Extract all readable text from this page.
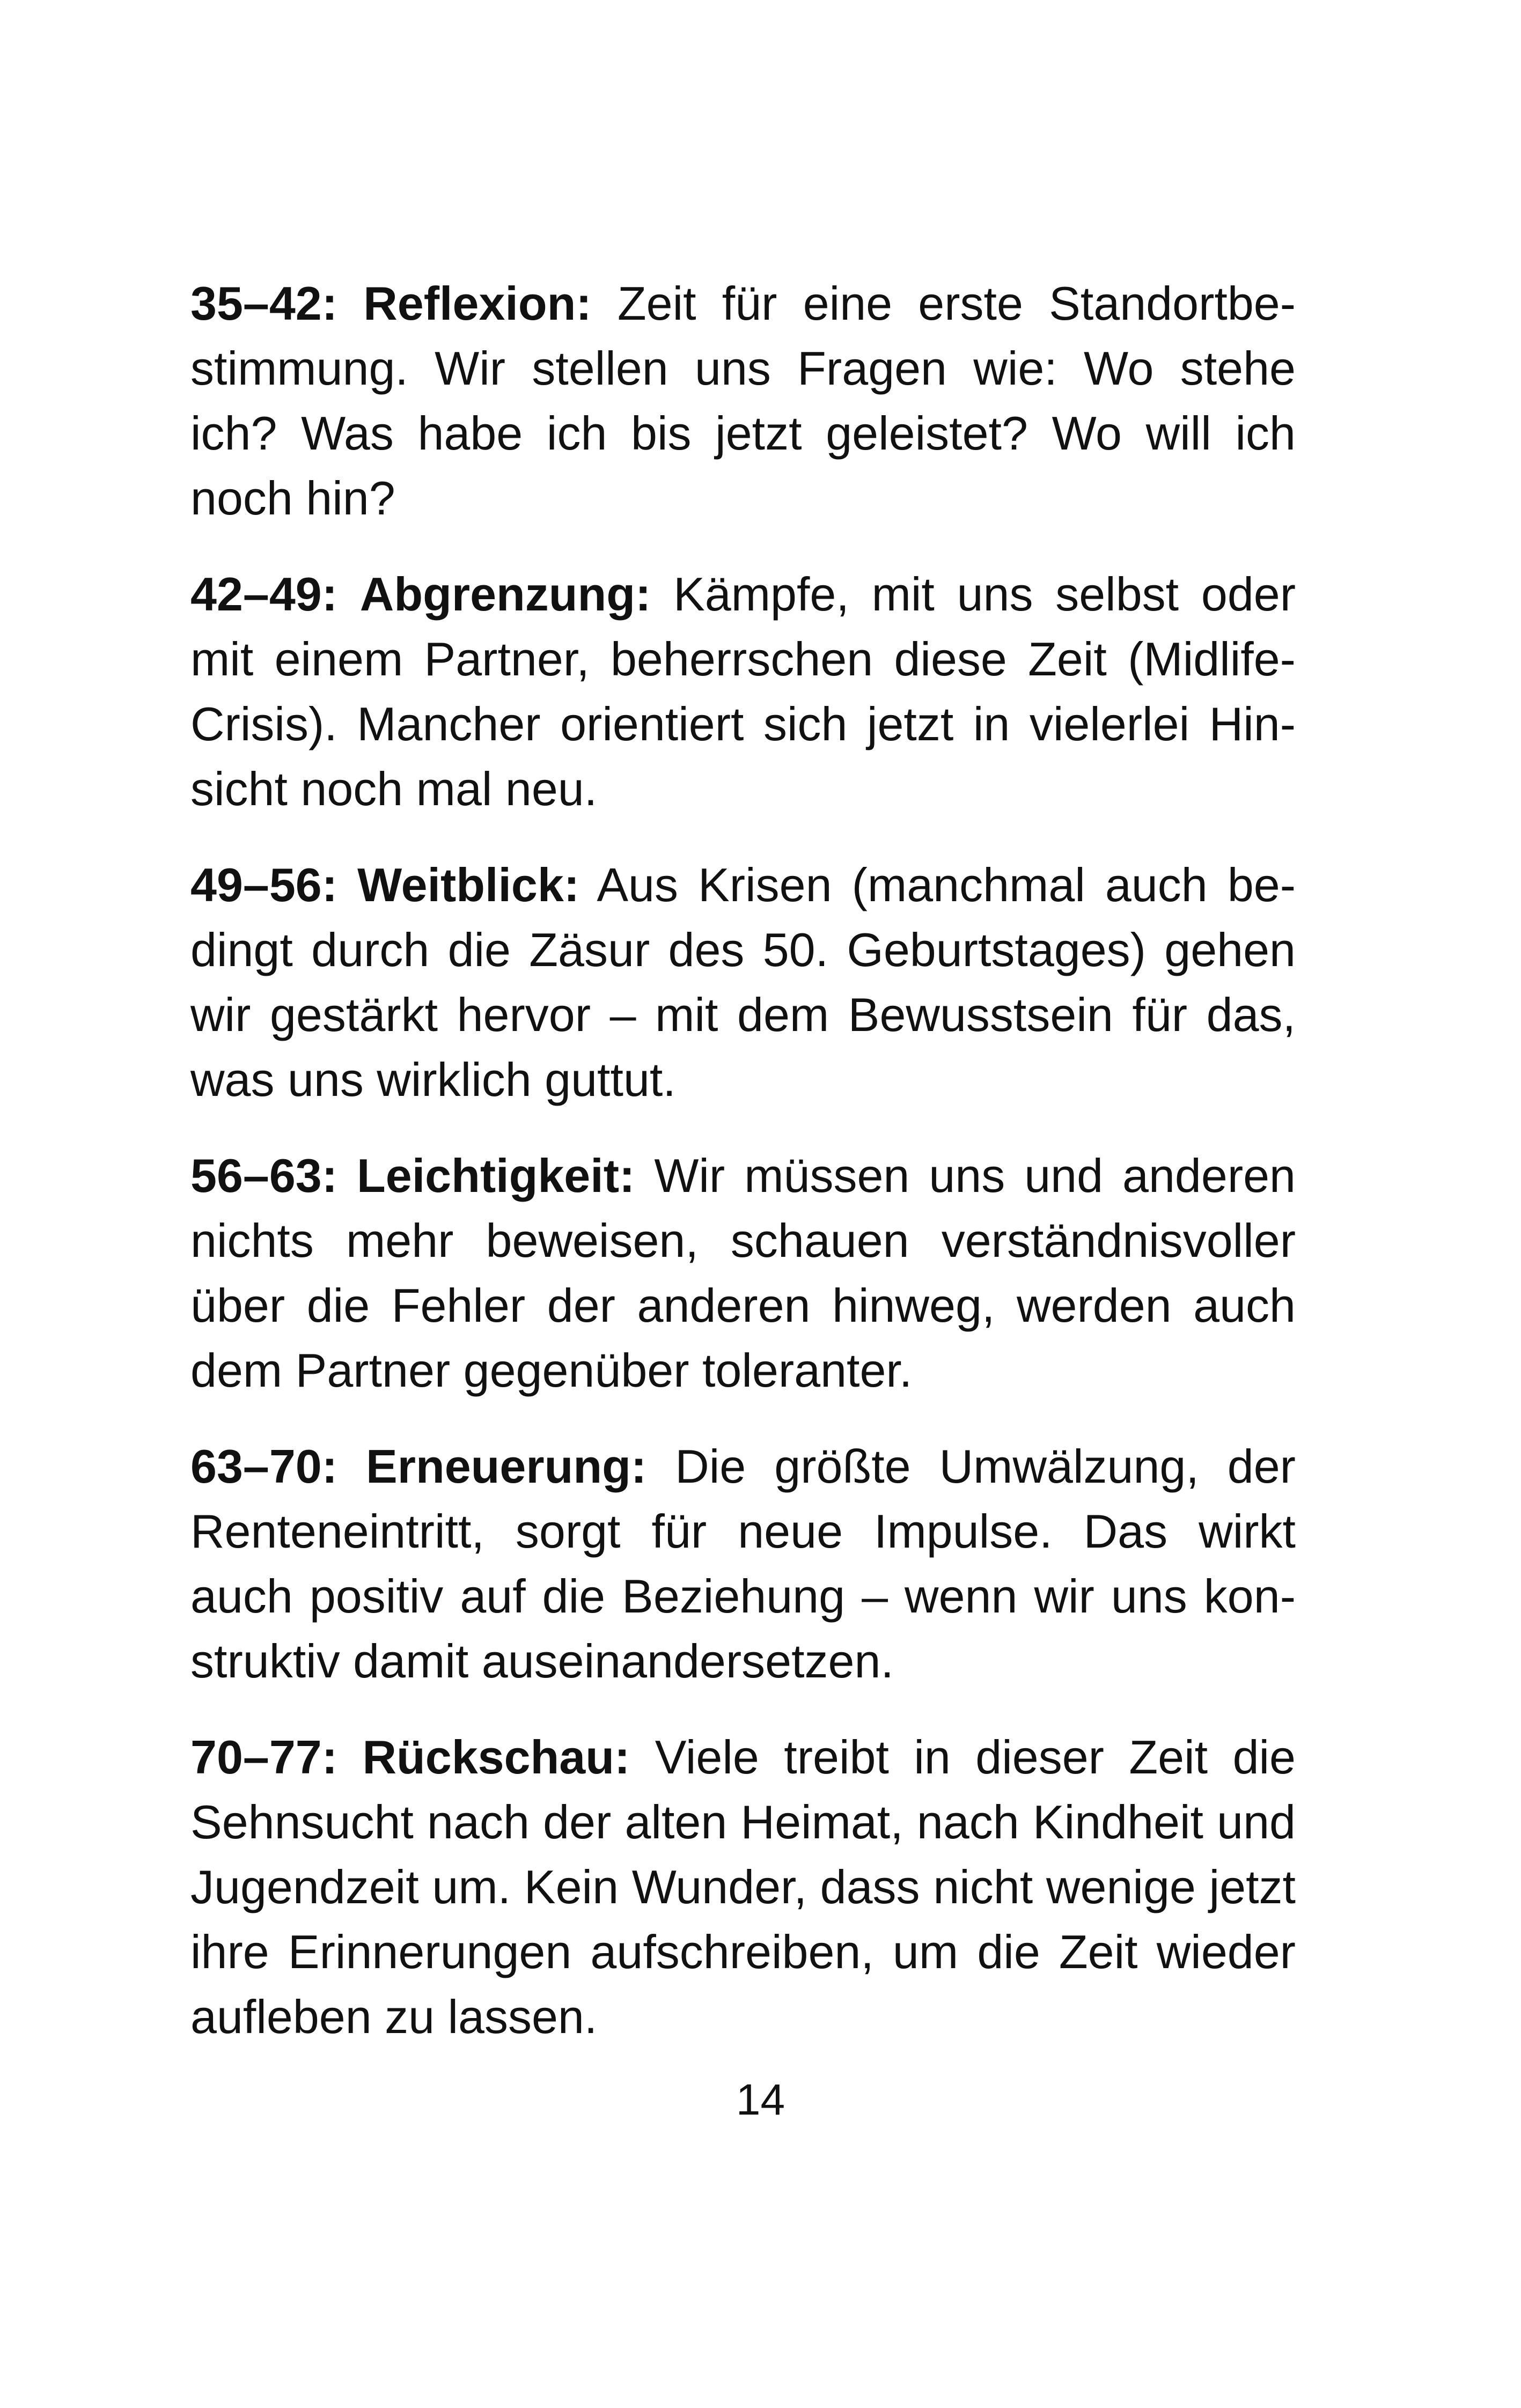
35–42: Reflexion: Zeit für eine erste Standortbestimmung. Wir stellen uns Fragen wie: Wo stehe ich? Was habe ich bis jetzt geleistet? Wo will ich noch hin?

42–49: Abgrenzung: Kämpfe, mit uns selbst oder mit einem Partner, beherrschen diese Zeit (Midlife-Crisis). Mancher orientiert sich jetzt in vielerlei Hinsicht noch mal neu.

49–56: Weitblick: Aus Krisen (manchmal auch bedingt durch die Zäsur des 50. Geburtstages) gehen wir gestärkt hervor – mit dem Bewusstsein für das, was uns wirklich guttut.

56–63: Leichtigkeit: Wir müssen uns und anderen nichts mehr beweisen, schauen verständnisvoller über die Fehler der anderen hinweg, werden auch dem Partner gegenüber toleranter.

63–70: Erneuerung: Die größte Umwälzung, der Renteneintritt, sorgt für neue Impulse. Das wirkt auch positiv auf die Beziehung – wenn wir uns konstruktiv damit auseinandersetzen.

70–77: Rückschau: Viele treibt in dieser Zeit die Sehnsucht nach der alten Heimat, nach Kindheit und Jugendzeit um. Kein Wunder, dass nicht wenige jetzt ihre Erinnerungen aufschreiben, um die Zeit wieder aufleben zu lassen.

14
